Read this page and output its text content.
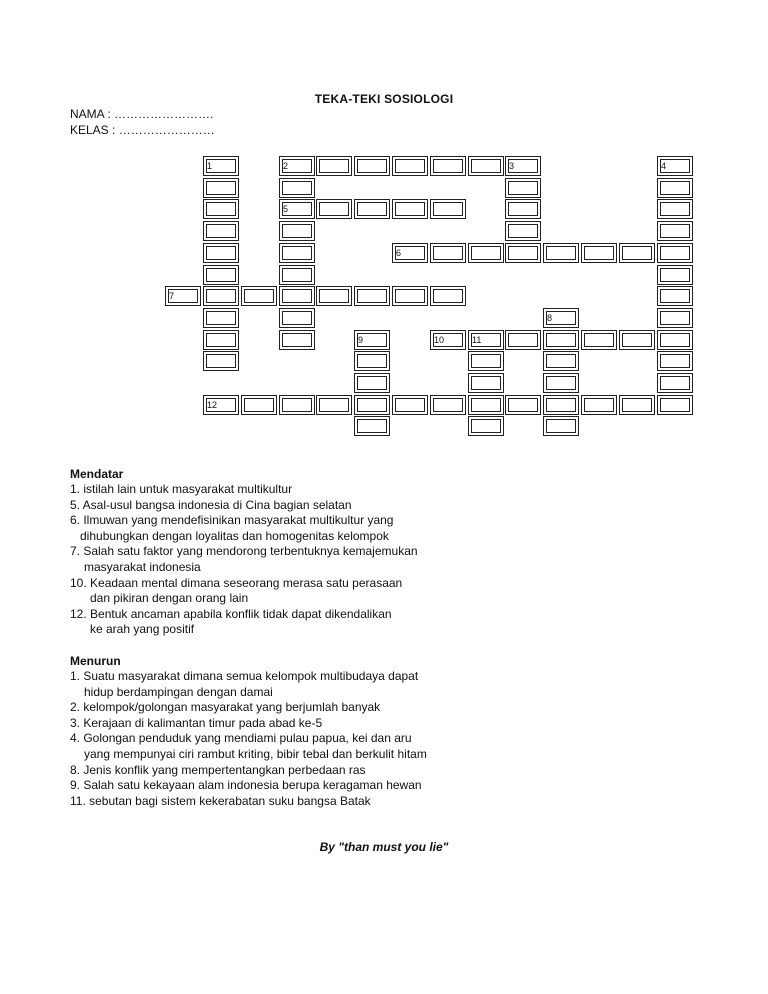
TEKA-TEKI SOSIOLOGI
NAMA : …………………….
KELAS : ……………………
2	3
1
5
6
4
7
10	11
8
9
12
Mendatar
1. istilah lain untuk masyarakat multikultur
5. Asal-usul bangsa indonesia di Cina bagian selatan
6. Ilmuwan yang mendefisinikan masyarakat multikultur yang
dihubungkan dengan loyalitas dan homogenitas kelompok
7. Salah satu faktor yang mendorong terbentuknya kemajemukan
masyarakat indonesia
10. Keadaan mental dimana seseorang merasa satu perasaan
dan pikiran dengan orang lain
12. Bentuk ancaman apabila konflik tidak dapat dikendalikan
ke arah yang positif
Menurun
1. Suatu masyarakat dimana semua kelompok multibudaya dapat
hidup berdampingan dengan damai
2. kelompok/golongan masyarakat yang berjumlah banyak
3. Kerajaan di kalimantan timur pada abad ke-5
4. Golongan penduduk yang mendiami pulau papua, kei dan aru
yang mempunyai ciri rambut kriting, bibir tebal dan berkulit hitam
8. Jenis konflik yang mempertentangkan perbedaan ras
9. Salah satu kekayaan alam indonesia berupa keragaman hewan
11. sebutan bagi sistem kekerabatan suku bangsa Batak
By "than must you lie"
